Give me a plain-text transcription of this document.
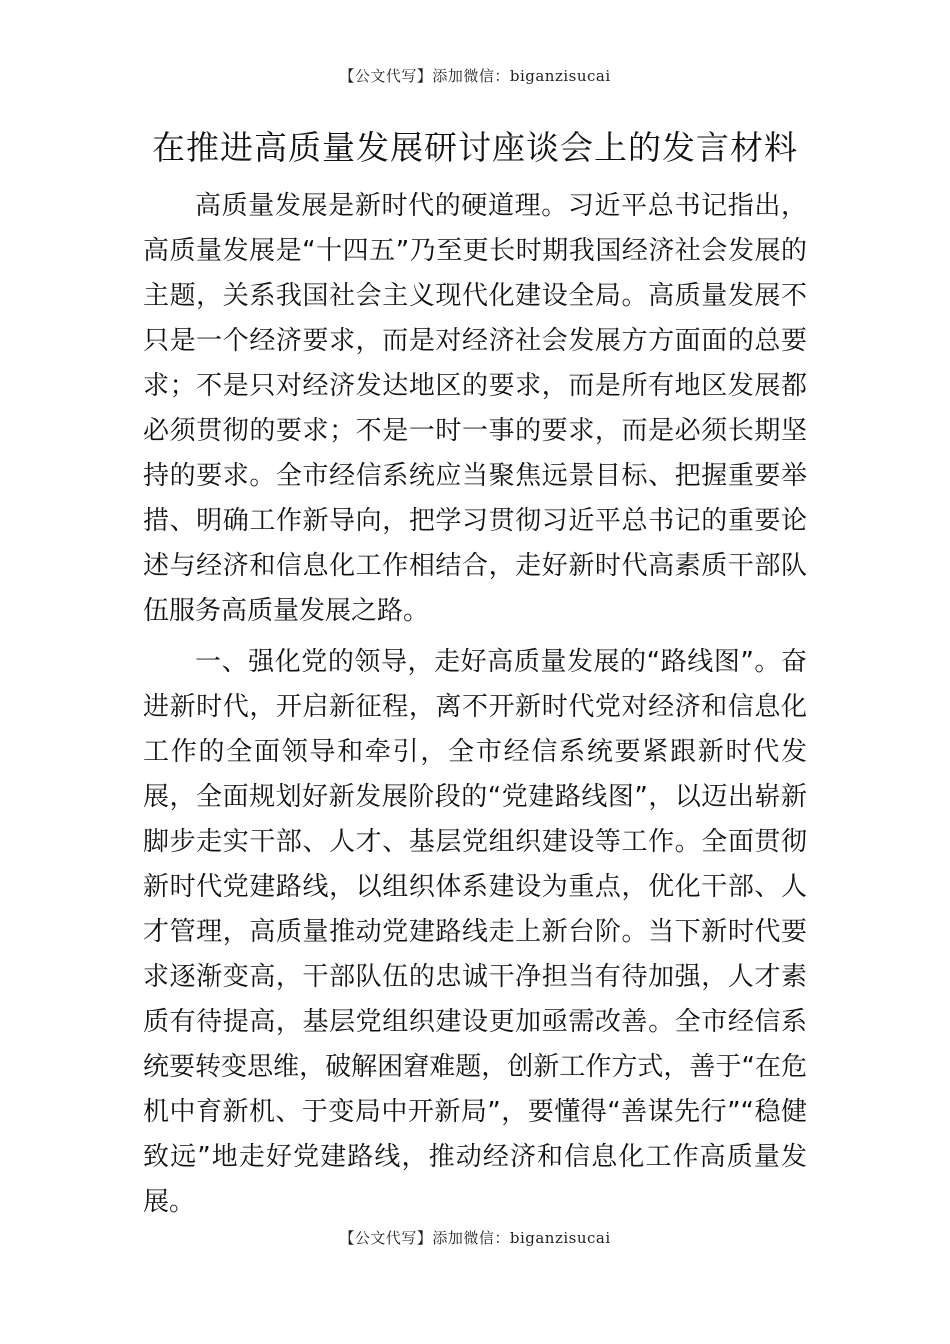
【公文代写】添加微信：biganzisucai
在推进高质量发展研讨座谈会上的发言材料

高质量发展是新时代的硬道理。习近平总书记指出，高质量发展是“十四五”乃至更长时期我国经济社会发展的主题，关系我国社会主义现代化建设全局。高质量发展不只是一个经济要求，而是对经济社会发展方方面面的总要求；不是只对经济发达地区的要求，而是所有地区发展都必须贯彻的要求；不是一时一事的要求，而是必须长期坚持的要求。全市经信系统应当聚焦远景目标、把握重要举措、明确工作新导向，把学习贯彻习近平总书记的重要论述与经济和信息化工作相结合，走好新时代高素质干部队伍服务高质量发展之路。

一、强化党的领导，走好高质量发展的“路线图”。奋进新时代，开启新征程，离不开新时代党对经济和信息化工作的全面领导和牵引，全市经信系统要紧跟新时代发展，全面规划好新发展阶段的“党建路线图”，以迈出崭新脚步走实干部、人才、基层党组织建设等工作。全面贯彻新时代党建路线，以组织体系建设为重点，优化干部、人才管理，高质量推动党建路线走上新台阶。当下新时代要求逐渐变高，干部队伍的忠诚干净担当有待加强，人才素质有待提高，基层党组织建设更加亟需改善。全市经信系统要转变思维，破解困窘难题，创新工作方式，善于“在危机中育新机、于变局中开新局”，要懂得“善谋先行”“稳健致远”地走好党建路线，推动经济和信息化工作高质量发展。

【公文代写】添加微信：biganzisucai
